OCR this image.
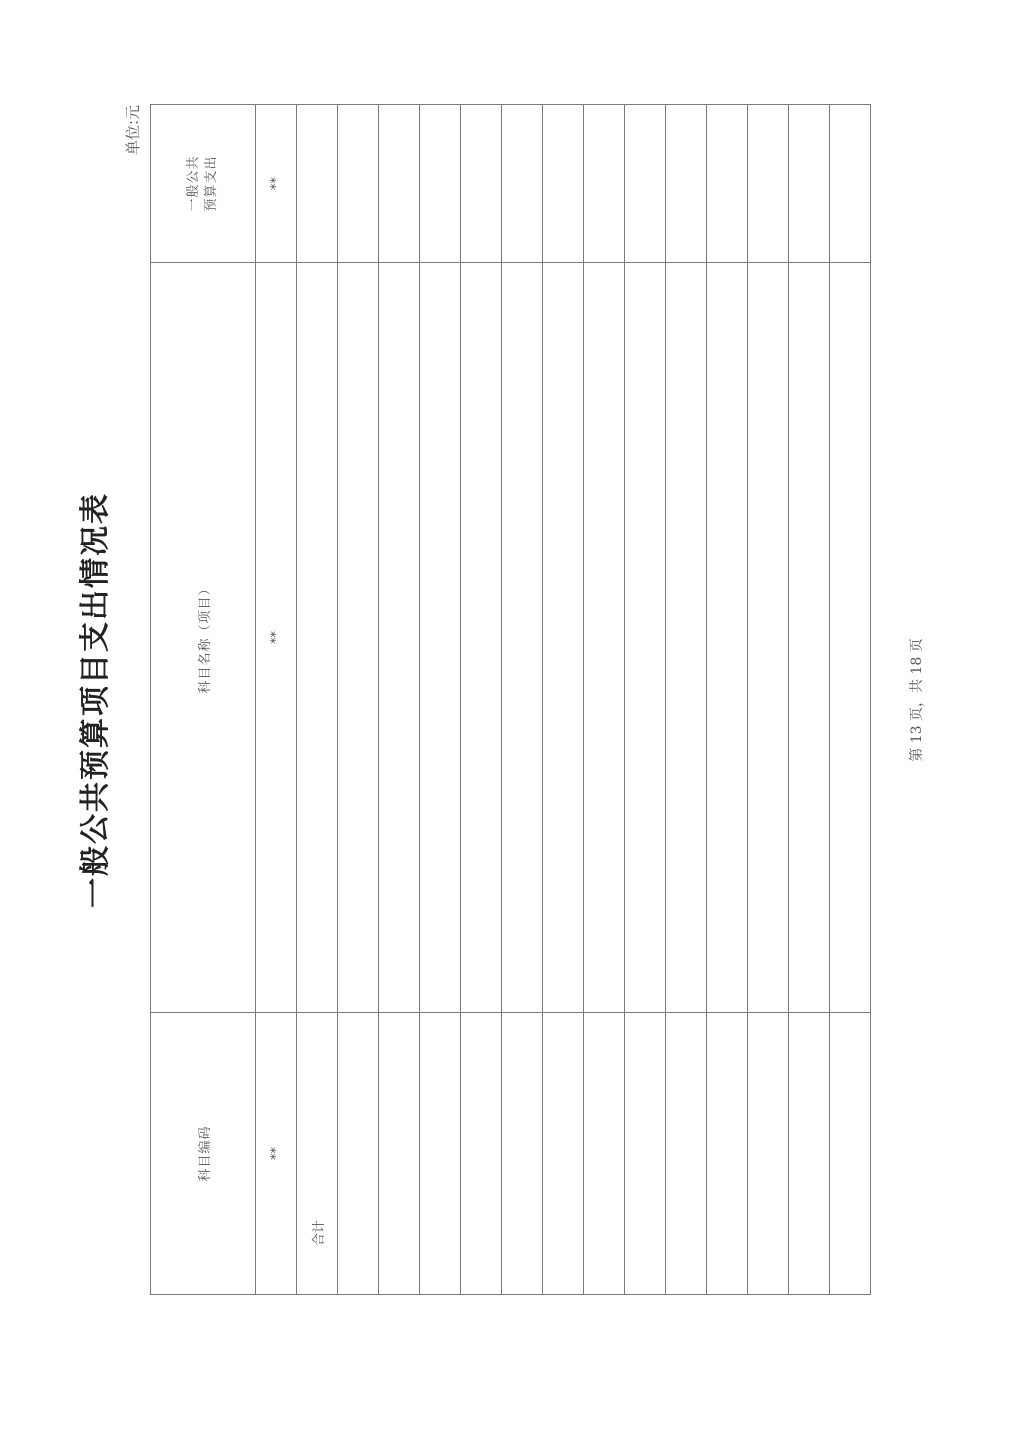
一般公共预算项目支出情况表
单位:元
科目编码	科目名称（项目）	一般公共 预算支出

**	**	**
合计		

第 13 页，共 18 页
